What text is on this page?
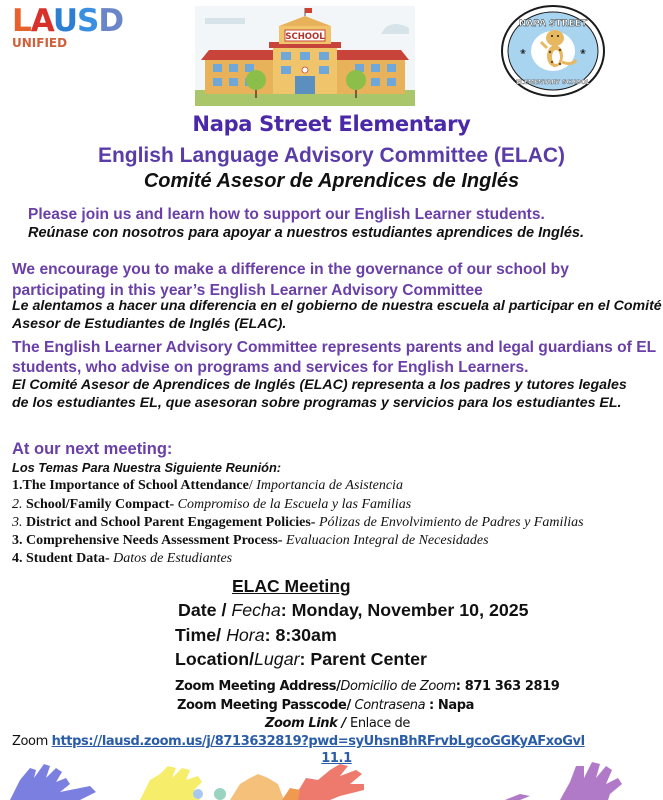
LAUSD
UNIFIED	SCHOOL
NAPA STREET
ELEMENTARY SCHOOL
❀	❀
Napa Street Elementary
English Language Advisory Committee (ELAC)
Comité Asesor de Aprendices de Inglés
Please join us and learn how to support our English Learner students.
Reúnase con nosotros para apoyar a nuestros estudiantes aprendices de Inglés.
We encourage you to make a difference in the governance of our school by participating in this year’s English Learner Advisory Committee
Le alentamos a hacer una diferencia en el gobierno de nuestra escuela al participar en el Comité Asesor de Estudiantes de Inglés (ELAC).
The English Learner Advisory Committee represents parents and legal guardians of EL students, who advise on programs and services for English Learners.
El Comité Asesor de Aprendices de Inglés (ELAC) representa a los padres y tutores legales de los estudiantes EL, que asesoran sobre programas y servicios para los estudiantes EL.
At our next meeting:
Los Temas Para Nuestra Siguiente Reunión:
1.The Importance of School Attendance/ Importancia de Asistencia
2. School/Family Compact- Compromiso de la Escuela y las Familias
3. District and School Parent Engagement Policies- Pólizas de Envolvimiento de Padres y Familias
3. Comprehensive Needs Assessment Process- Evaluacion Integral de Necesidades
4. Student Data- Datos de Estudiantes
ELAC Meeting
Date / Fecha: Monday, November 10, 2025
Time/ Hora: 8:30am
Location/Lugar: Parent Center
Zoom Meeting Address/Domicilio de Zoom: 871 363 2819
Zoom Meeting Passcode/ Contrasena : Napa
Zoom Link / Enlace de
Zoom https://lausd.zoom.us/j/8713632819?pwd=syUhsnBhRFrvbLgcoGGKyAFxoGvl
11.1
